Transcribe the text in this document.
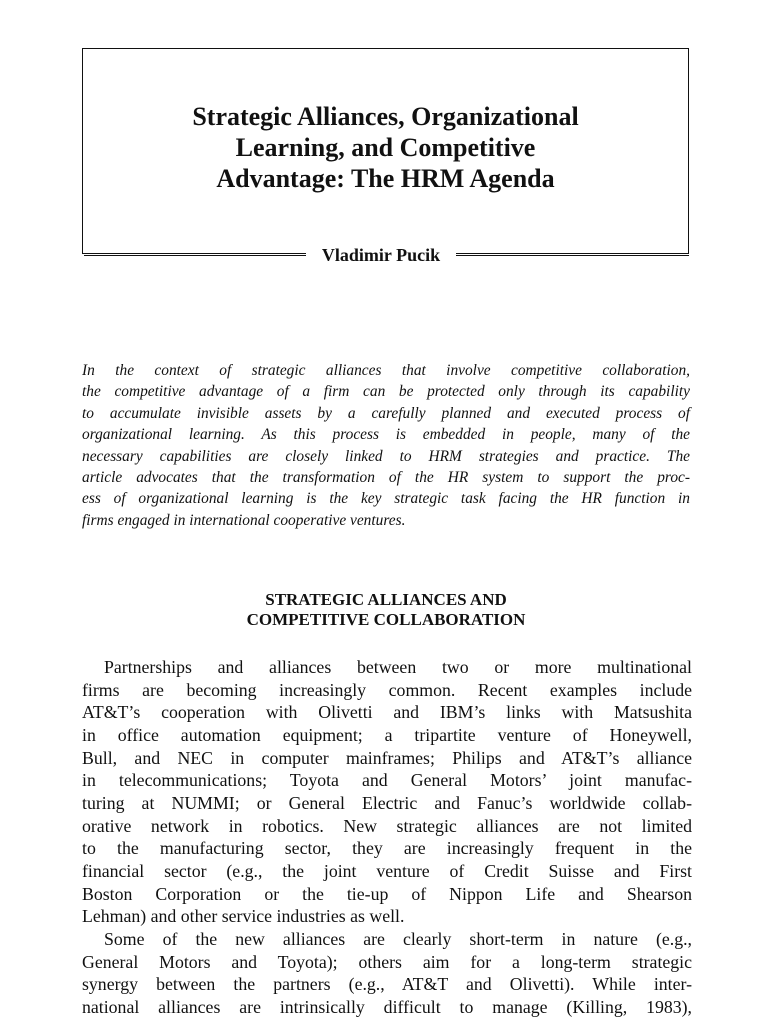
Strategic Alliances, Organizational
Learning, and Competitive
Advantage: The HRM Agenda
Vladimir Pucik
In the context of strategic alliances that involve competitive collaboration,
the competitive advantage of a firm can be protected only through its capability
to accumulate invisible assets by a carefully planned and executed process of
organizational learning. As this process is embedded in people, many of the
necessary capabilities are closely linked to HRM strategies and practice. The
article advocates that the transformation of the HR system to support the proc-
ess of organizational learning is the key strategic task facing the HR function in
firms engaged in international cooperative ventures.
STRATEGIC ALLIANCES AND
COMPETITIVE COLLABORATION
Partnerships and alliances between two or more multinational
firms are becoming increasingly common. Recent examples include
AT&T’s cooperation with Olivetti and IBM’s links with Matsushita
in office automation equipment; a tripartite venture of Honeywell,
Bull, and NEC in computer mainframes; Philips and AT&T’s alliance
in telecommunications; Toyota and General Motors’ joint manufac-
turing at NUMMI; or General Electric and Fanuc’s worldwide collab-
orative network in robotics. New strategic alliances are not limited
to the manufacturing sector, they are increasingly frequent in the
financial sector (e.g., the joint venture of Credit Suisse and First
Boston Corporation or the tie-up of Nippon Life and Shearson
Lehman) and other service industries as well.
Some of the new alliances are clearly short-term in nature (e.g.,
General Motors and Toyota); others aim for a long-term strategic
synergy between the partners (e.g., AT&T and Olivetti). While inter-
national alliances are intrinsically difficult to manage (Killing, 1983),
